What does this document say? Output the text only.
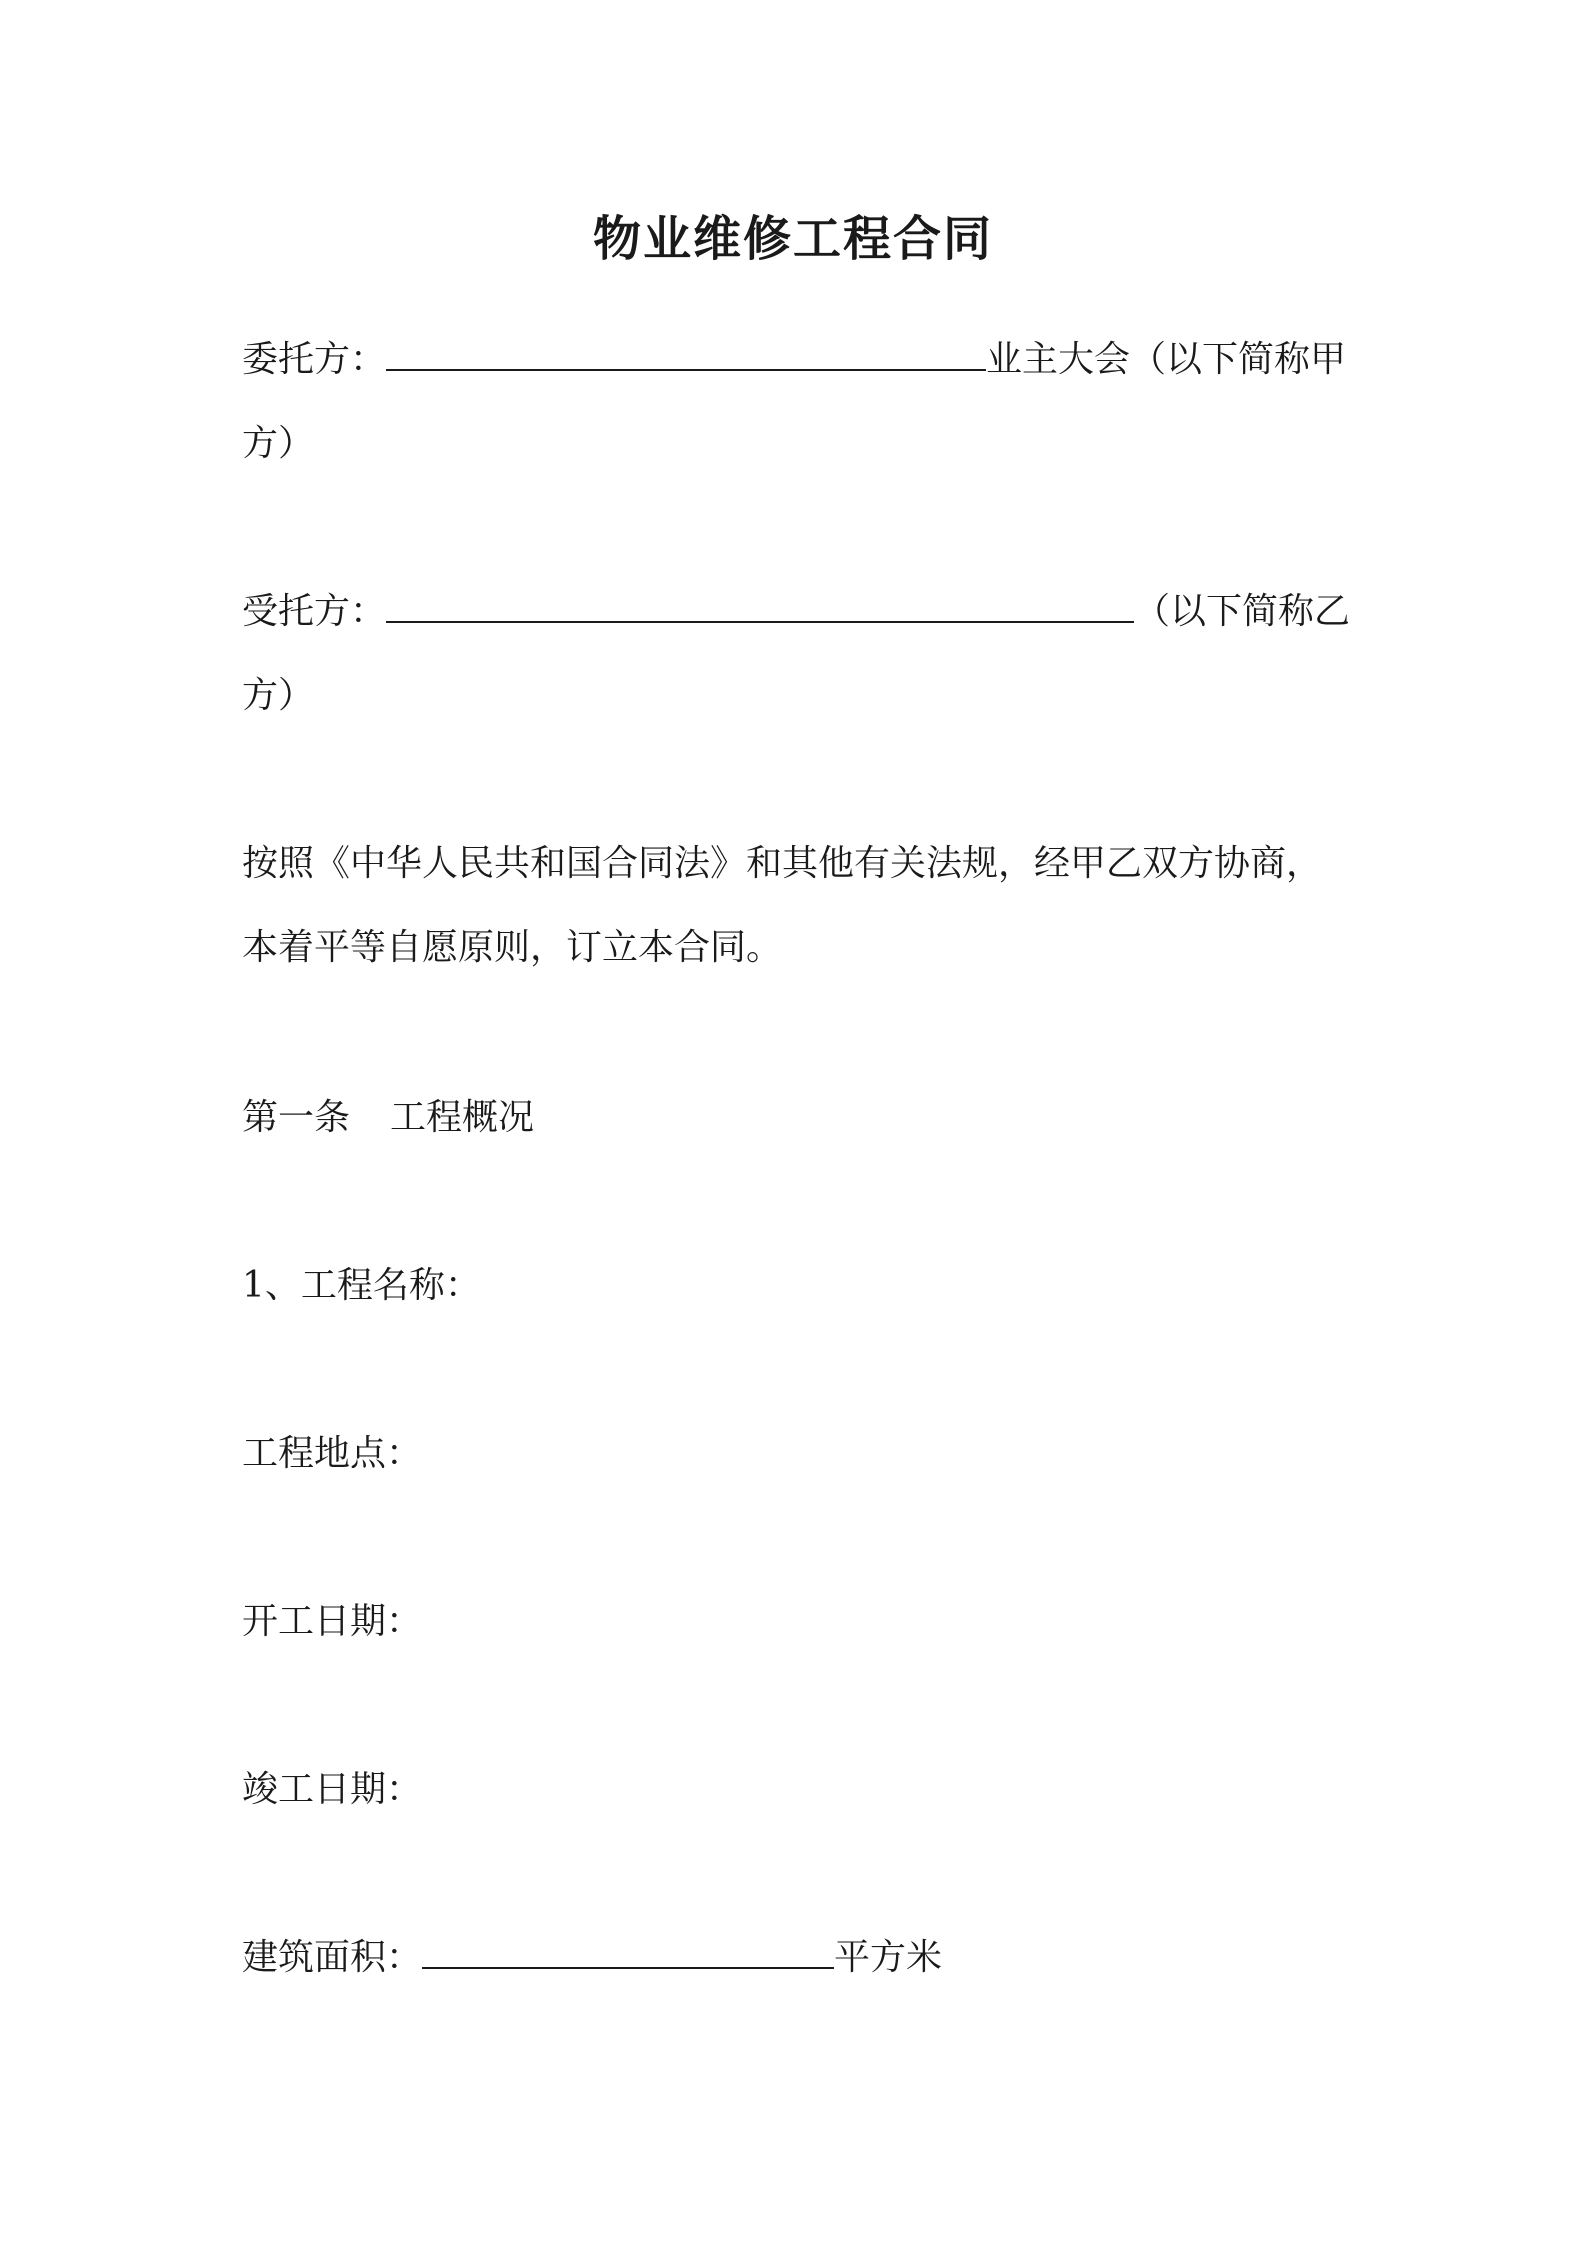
物业维修工程合同
委托方：	业主大会（以下简称甲
方）
受托方：	（以下简称乙
方）
按照《中华人民共和国合同法》和其他有关法规，经甲乙双方协商，
本着平等自愿原则，订立本合同。
第一条 工程概况
1、工程名称：
工程地点：
开工日期：
竣工日期：
建筑面积：	平方米
